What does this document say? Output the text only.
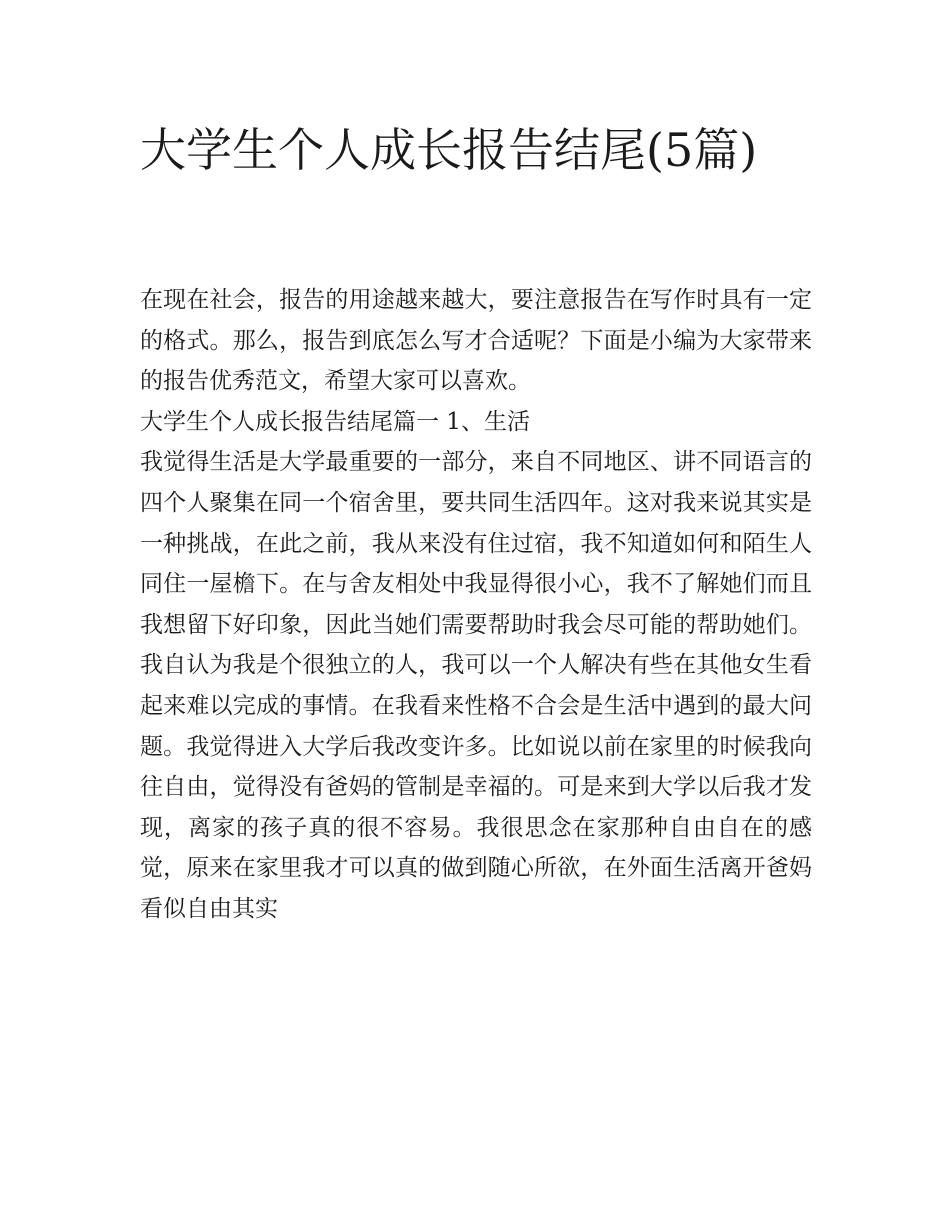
大学生个人成长报告结尾(5篇)

在现在社会，报告的用途越来越大，要注意报告在写作时具有一定的格式。那么，报告到底怎么写才合适呢？下面是小编为大家带来的报告优秀范文，希望大家可以喜欢。

大学生个人成长报告结尾篇一 1、生活

我觉得生活是大学最重要的一部分，来自不同地区、讲不同语言的四个人聚集在同一个宿舍里，要共同生活四年。这对我来说其实是一种挑战，在此之前，我从来没有住过宿，我不知道如何和陌生人同住一屋檐下。在与舍友相处中我显得很小心，我不了解她们而且我想留下好印象，因此当她们需要帮助时我会尽可能的帮助她们。我自认为我是个很独立的人，我可以一个人解决有些在其他女生看起来难以完成的事情。在我看来性格不合会是生活中遇到的最大问题。我觉得进入大学后我改变许多。比如说以前在家里的时候我向往自由，觉得没有爸妈的管制是幸福的。可是来到大学以后我才发现，离家的孩子真的很不容易。我很思念在家那种自由自在的感觉，原来在家里我才可以真的做到随心所欲，在外面生活离开爸妈看似自由其实
